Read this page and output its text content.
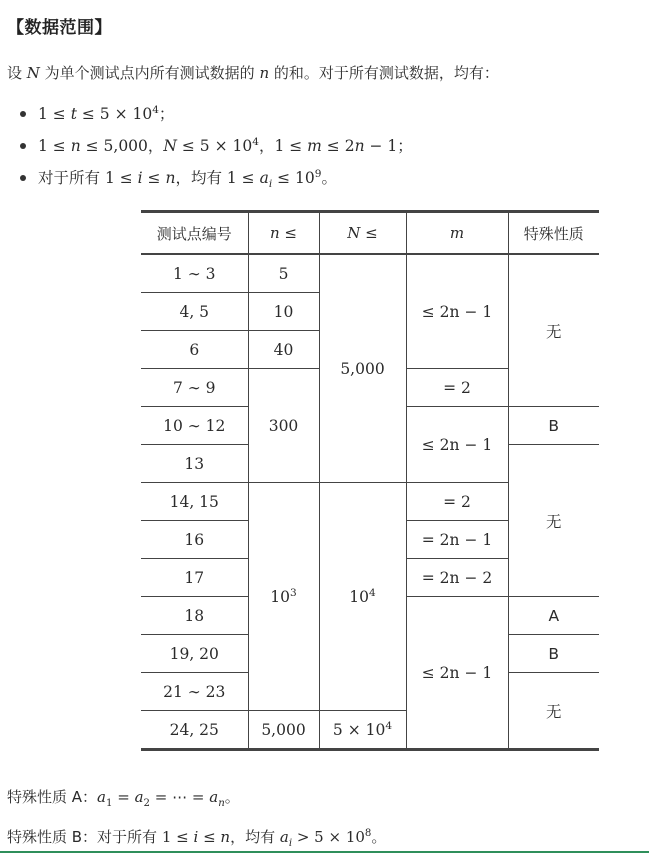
【数据范围】
设 N 为单个测试点内所有测试数据的 n 的和。对于所有测试数据，均有：
$1 \le t \le 5 \times 10^4$；
1 ≤ n ≤ 5,000，$N \le 5 \times 10^4$，1 ≤ m ≤ 2n − 1；
对于所有 1 ≤ i ≤ n，均有 $1 \le a_i \le 10^9$。
测试点编号	n ≤	N ≤	m	特殊性质
1 ∼ 3	5	5,000	≤ 2n − 1	无
4, 5	10			
6	40			
7 ∼ 9	300		= 2	
10 ∼ 12			≤ 2n − 1	B
13				无
14, 15	$10^3$	$10^4$	= 2	
16			= 2n − 1	
17			= 2n − 2	
18			≤ 2n − 1	A
19, 20				B
21 ∼ 23				无
24, 25	5,000	$5 \times 10^4$
特殊性质 A：$a_1 = a_2$ = ⋯ = $a_n$。
特殊性质 B：对于所有 1 ≤ i ≤ n，均有 $a_i > 5 \times 10^8$。
